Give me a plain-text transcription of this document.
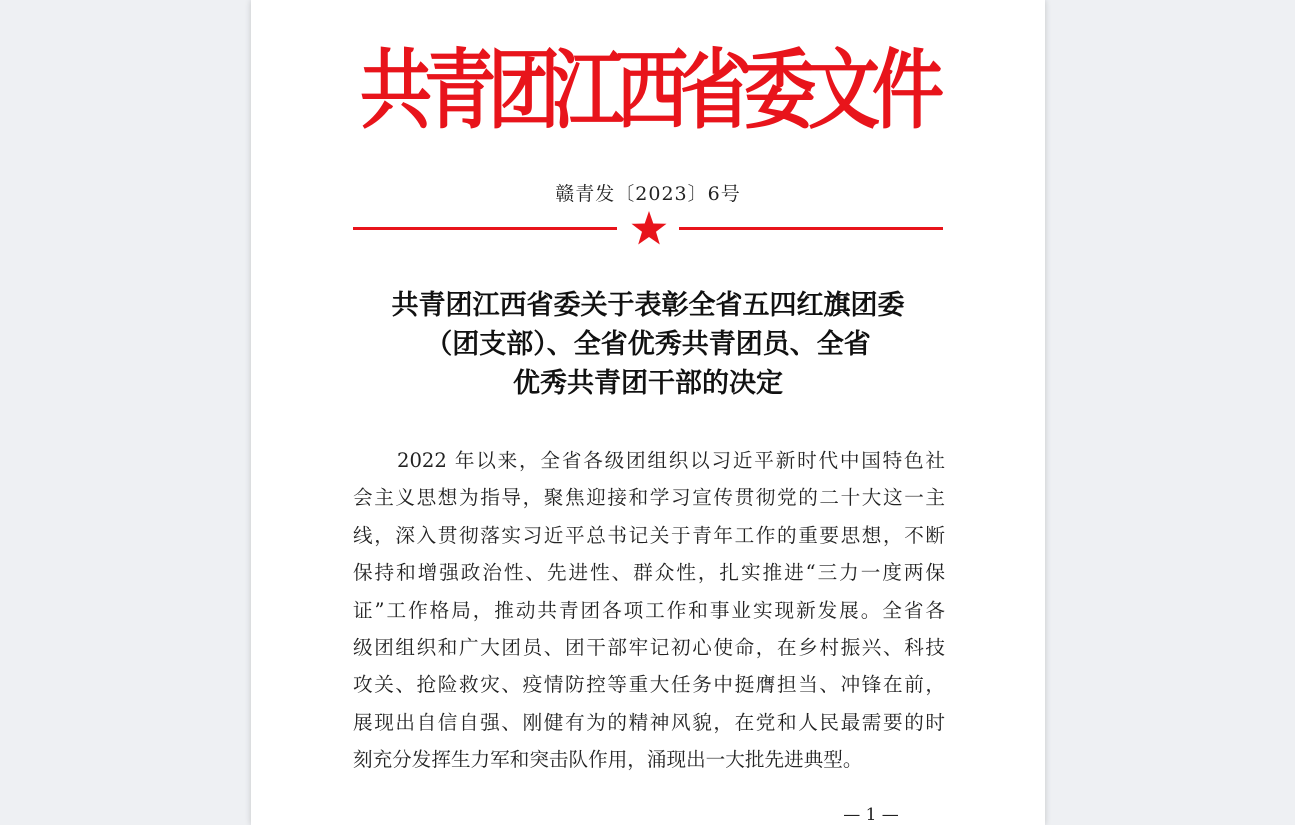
共青团江西省委文件
赣青发〔2023〕6号
共青团江西省委关于表彰全省五四红旗团委
（团支部）、全省优秀共青团员、全省
优秀共青团干部的决定
2022 年以来，全省各级团组织以习近平新时代中国特色社
会主义思想为指导，聚焦迎接和学习宣传贯彻党的二十大这一主
线，深入贯彻落实习近平总书记关于青年工作的重要思想，不断
保持和增强政治性、先进性、群众性，扎实推进“三力一度两保
证”工作格局，推动共青团各项工作和事业实现新发展。全省各
级团组织和广大团员、团干部牢记初心使命，在乡村振兴、科技
攻关、抢险救灾、疫情防控等重大任务中挺膺担当、冲锋在前，
展现出自信自强、刚健有为的精神风貌，在党和人民最需要的时
刻充分发挥生力军和突击队作用，涌现出一大批先进典型。
— 1 —
